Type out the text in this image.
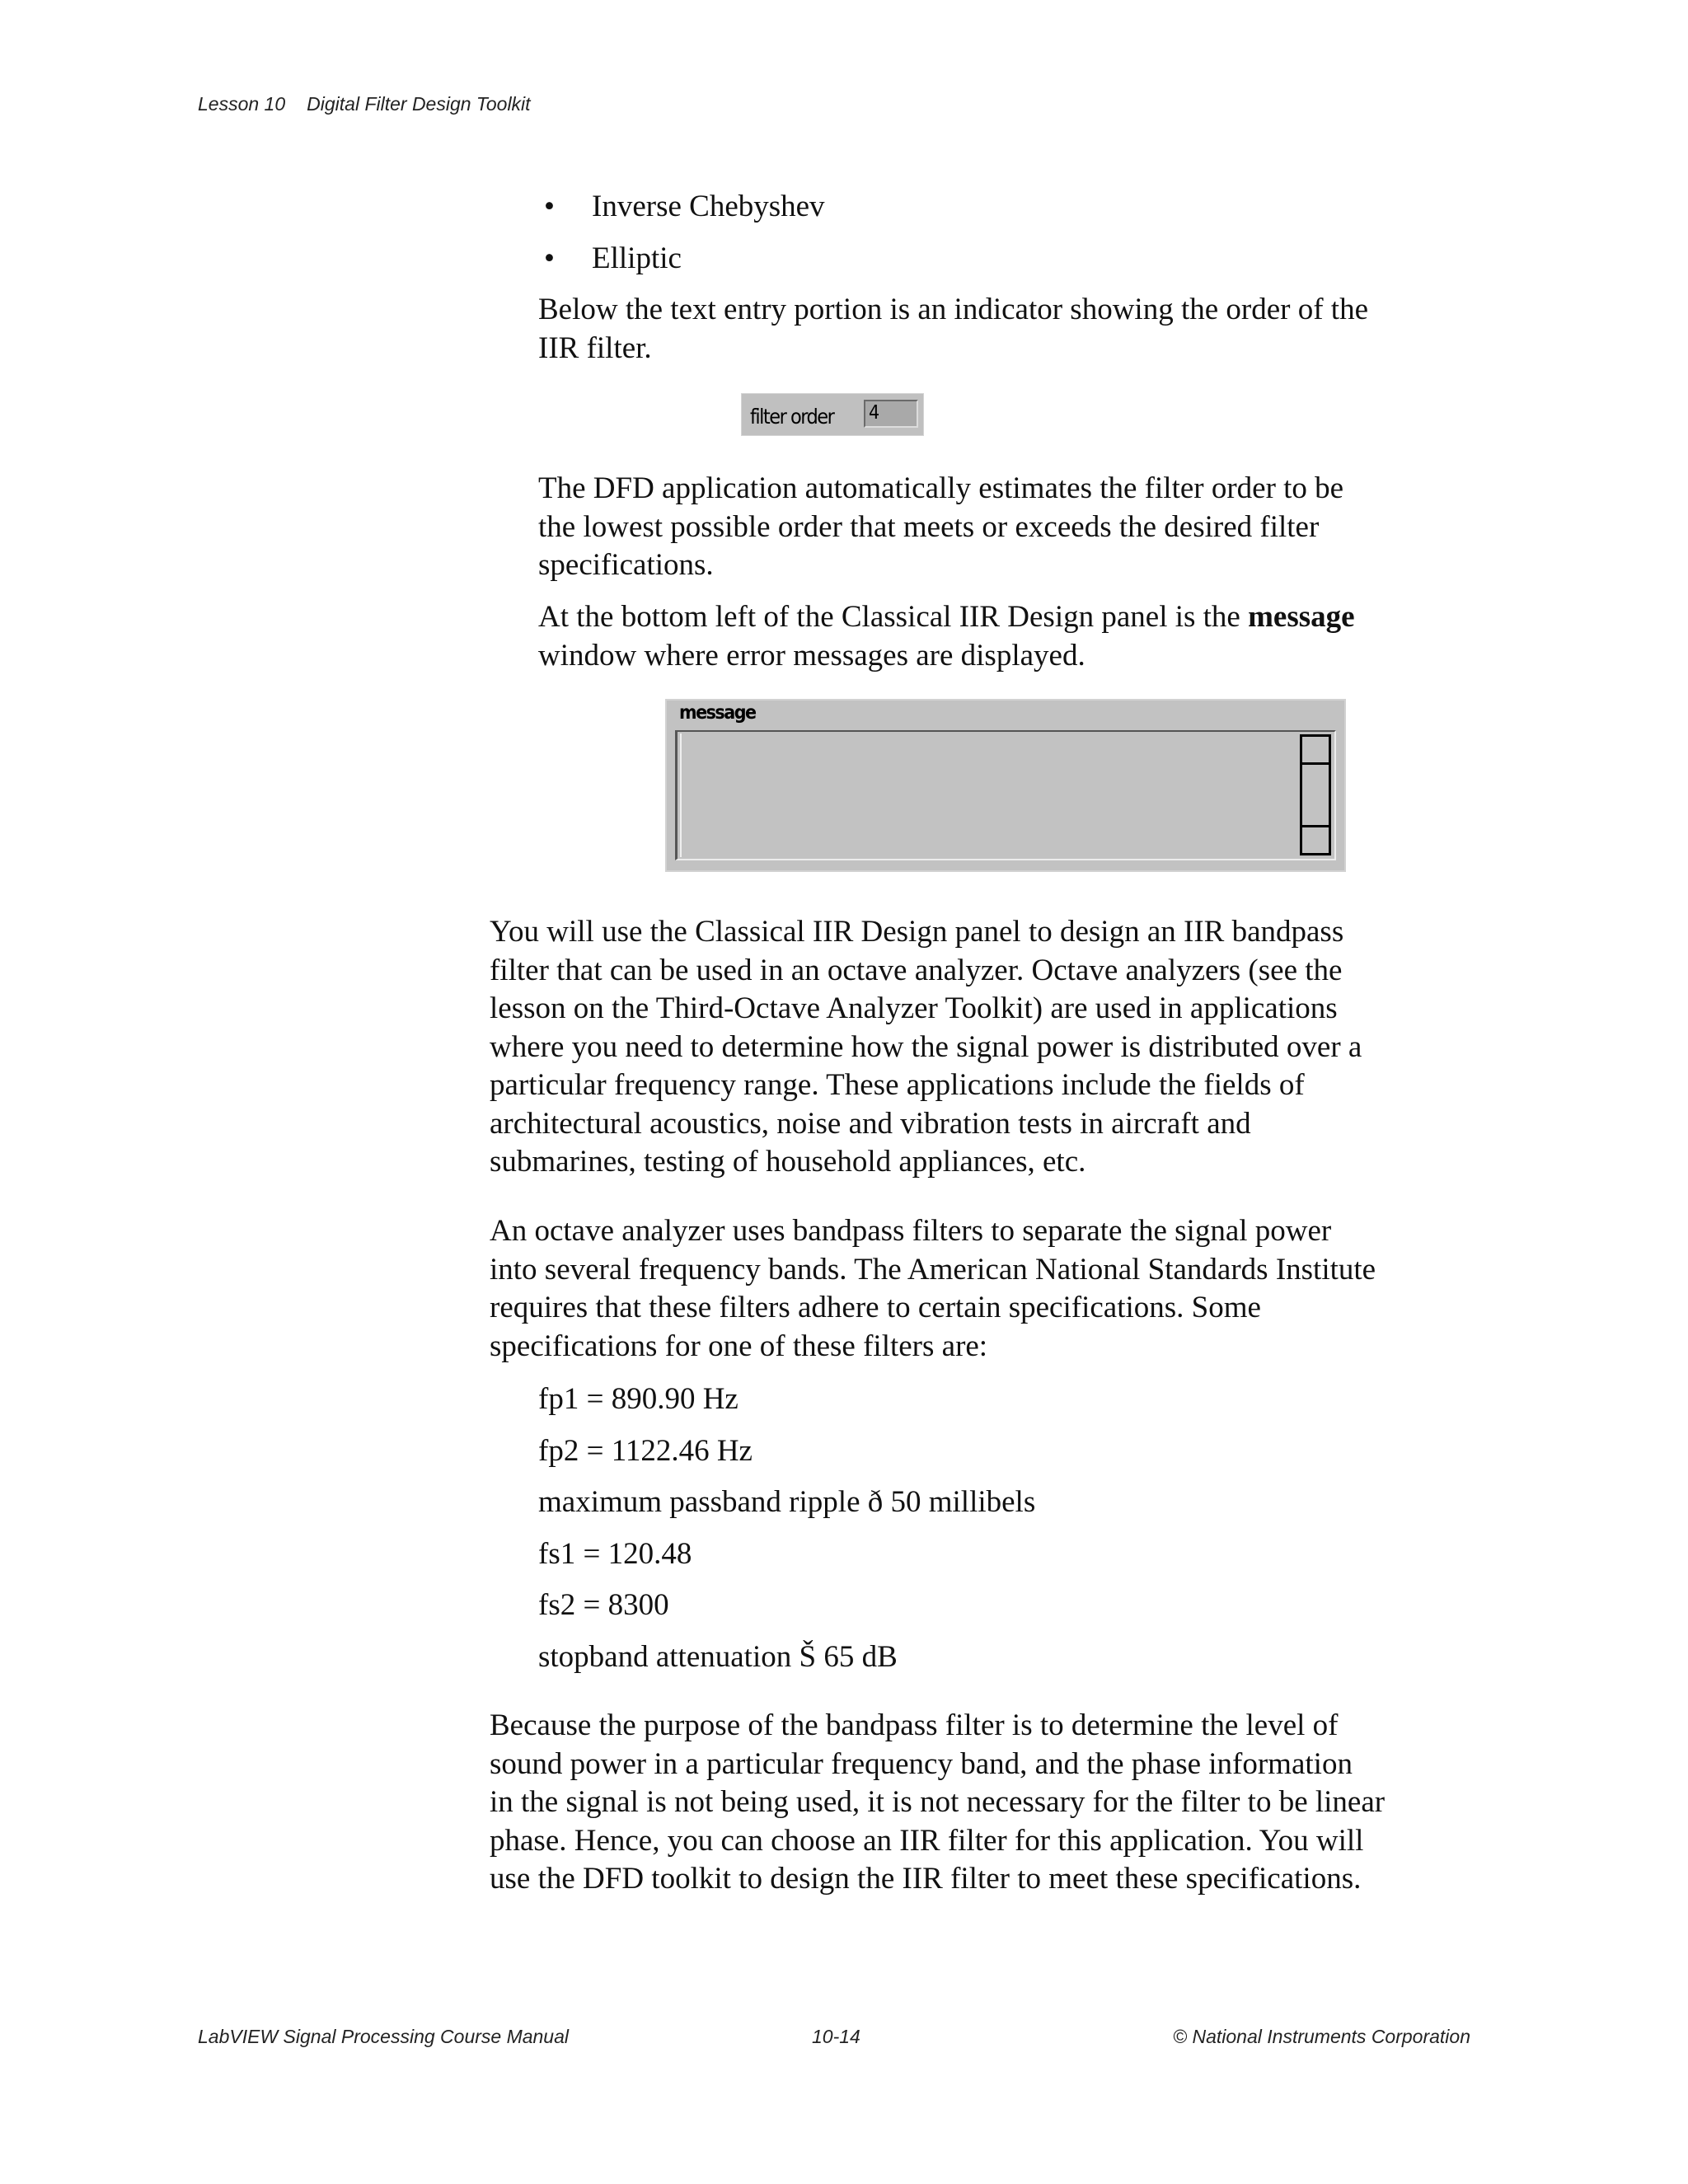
Lesson 10 Digital Filter Design Toolkit
• Inverse Chebyshev
• Elliptic
Below the text entry portion is an indicator showing the order of the
IIR filter.
filter order 4
The DFD application automatically estimates the filter order to be
the lowest possible order that meets or exceeds the desired filter
specifications.
At the bottom left of the Classical IIR Design panel is the message
window where error messages are displayed.
message
You will use the Classical IIR Design panel to design an IIR bandpass
filter that can be used in an octave analyzer. Octave analyzers (see the
lesson on the Third-Octave Analyzer Toolkit) are used in applications
where you need to determine how the signal power is distributed over a
particular frequency range. These applications include the fields of
architectural acoustics, noise and vibration tests in aircraft and
submarines, testing of household appliances, etc.
An octave analyzer uses bandpass filters to separate the signal power
into several frequency bands. The American National Standards Institute
requires that these filters adhere to certain specifications. Some
specifications for one of these filters are:
fp1 = 890.90 Hz
fp2 = 1122.46 Hz
maximum passband ripple ð 50 millibels
fs1 = 120.48
fs2 = 8300
stopband attenuation Š 65 dB
Because the purpose of the bandpass filter is to determine the level of
sound power in a particular frequency band, and the phase information
in the signal is not being used, it is not necessary for the filter to be linear
phase. Hence, you can choose an IIR filter for this application. You will
use the DFD toolkit to design the IIR filter to meet these specifications.
LabVIEW Signal Processing Course Manual	10-14	© National Instruments Corporation
